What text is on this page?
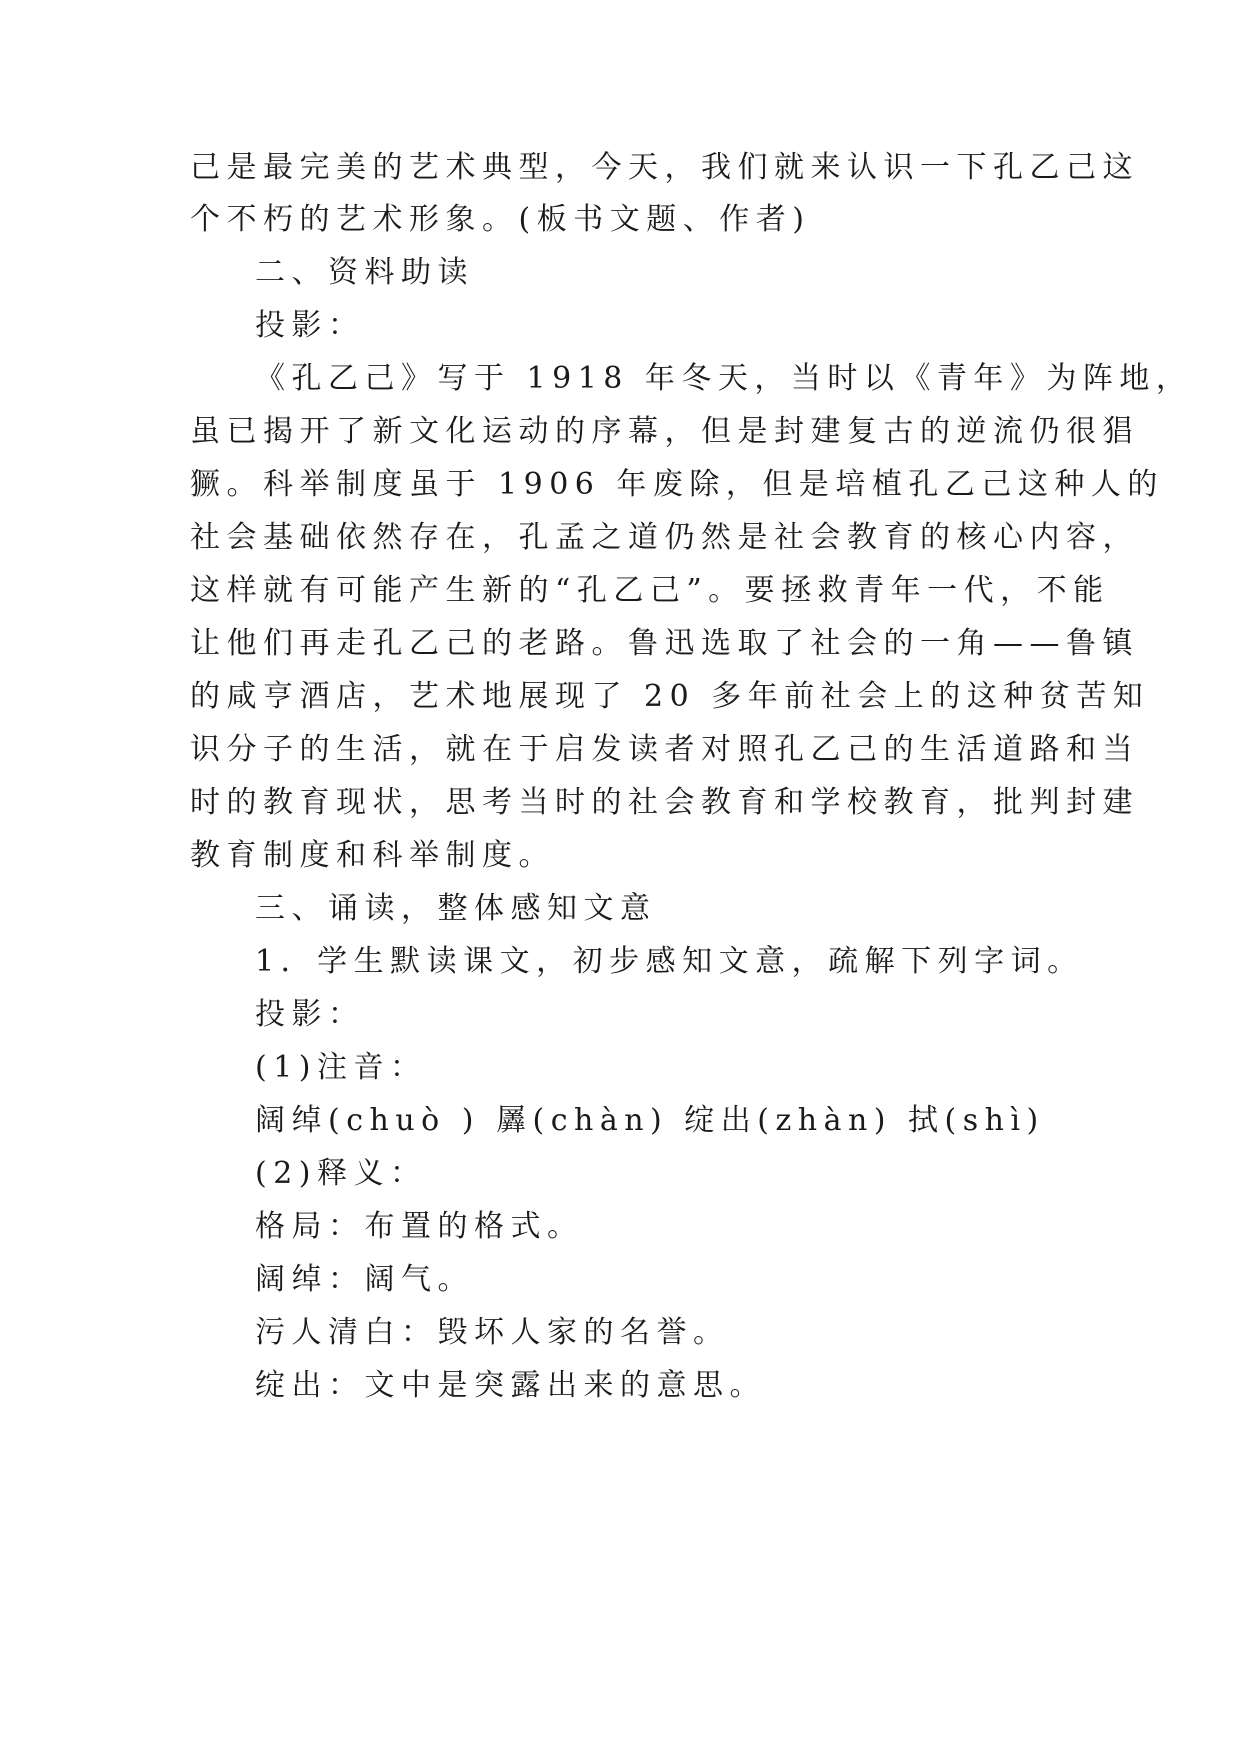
己是最完美的艺术典型，今天，我们就来认识一下孔乙己这
个不朽的艺术形象。(板书文题、作者)
二、资料助读
投影：
《孔乙己》写于 1918 年冬天，当时以《青年》为阵地，
虽已揭开了新文化运动的序幕，但是封建复古的逆流仍很猖
獗。科举制度虽于 1906 年废除，但是培植孔乙己这种人的
社会基础依然存在，孔孟之道仍然是社会教育的核心内容，
这样就有可能产生新的“孔乙己”。要拯救青年一代，不能
让他们再走孔乙己的老路。鲁迅选取了社会的一角——鲁镇
的咸亨酒店，艺术地展现了 20 多年前社会上的这种贫苦知
识分子的生活，就在于启发读者对照孔乙己的生活道路和当
时的教育现状，思考当时的社会教育和学校教育，批判封建
教育制度和科举制度。
三、诵读，整体感知文意
1．学生默读课文，初步感知文意，疏解下列字词。
投影：
(1)注音：
阔绰(chuò ) 羼(chàn) 绽出(zhàn) 拭(shì)
(2)释义：
格局：布置的格式。
阔绰：阔气。
污人清白：毁坏人家的名誉。
绽出：文中是突露出来的意思。
